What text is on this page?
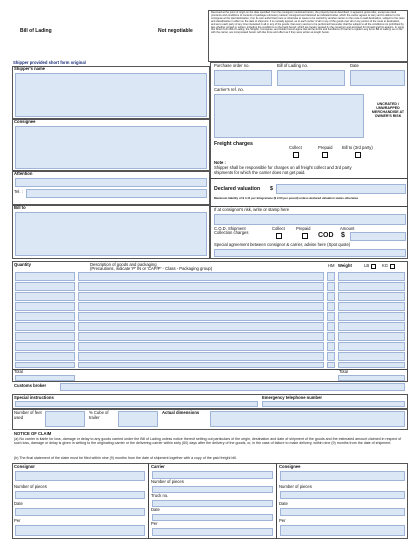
Bill of Lading	Not negotiable
Received at the point of origin on the date specified, from the consignor mentioned herein, the property herein described, in apparent good order, except as noted (contents and conditions of contents of package unknown) marked, consigned and destined as indicated below, which the carrier agrees to carry and to deliver to the consignee at the said destination, if on its own authorized route or otherwise to cause to be carried by another carrier on the route to said destination, subject to the rates and classification in effect on the date of shipment. It is mutually agreed, as to each carrier of all or any of the goods over all or any portion of the route to destination, and as to each party of any time interested in all or any of the goods, that every service to be performed hereunder shall be subject to all the conditions not prohibited by law, whether printed or written, including the conditions on the back hereof, which are hereby agreed by the consignor and accepted for himself and his assigns. In using this Short Form Bill of Lading, the Shipper, Consignee, and Holder hereof agree that all the terms and conditions of Carrier's regular Long Form Bill of Lading, as on file with the carrier, are incorporated herein with like force and effect as if they were written at length herein.
Shipper provided short form original
Shipper's name
Consignee
Attention
Tel. :
Bill to
Purchase order no.	Bill of Lading no.	Date
Carrier's ref. no.
UNCRATED / UNWRAPPED MERCHANDISE AT OWNER'S RISK
Freight charges
Collect	Prepaid Bill to (3rd party)
Note :
Shipper shall be responsible for charges on all freight collect and 3rd party shipments for which the carrier does not get paid.
Declared valuation $
Maximum liability of $ 4.41 per kilogramme ($ 2.00 per pound) unless declared valuation states otherwise
If at consignor's risk, write or stamp here
C.O.D. Shipment
Collection charges
Collect	Prepaid
COD
Amount
$
Special agreement between consignor & carrier, advise here (Spot quote)
Quantity	Description of goods and packaging
(Precautions, indicate 'P' IN or 'CAP/P' - Class - Packaging group)
HM Weight	LB	KG
Total	Total
Customs broker
Special instructions	Emergency telephone number
Number of feet used
% Cube of trailer
Actual dimensions
NOTICE OF CLAIM
(a) No carrier is liable for loss, damage or delay to any goods carried under the Bill of Lading unless notice thereof setting out particulars of the origin, destination and date of shipment of the goods and the estimated amount claimed in respect of such loss, damage or delay is given in writing to the originating carrier or the delivering carrier within sixty (60) days after the delivery of the goods, or, in the case of failure to make delivery, within nine (9) months from the date of shipment.
(b) The final statement of the claim must be filed within nine (9) months from the date of shipment together with a copy of the paid freight bill.
Consignor
Number of pieces
Date
Per
Carrier
Number of pieces
Truck no.
Date
Per
Consignee
Number of pieces
Date
Per
